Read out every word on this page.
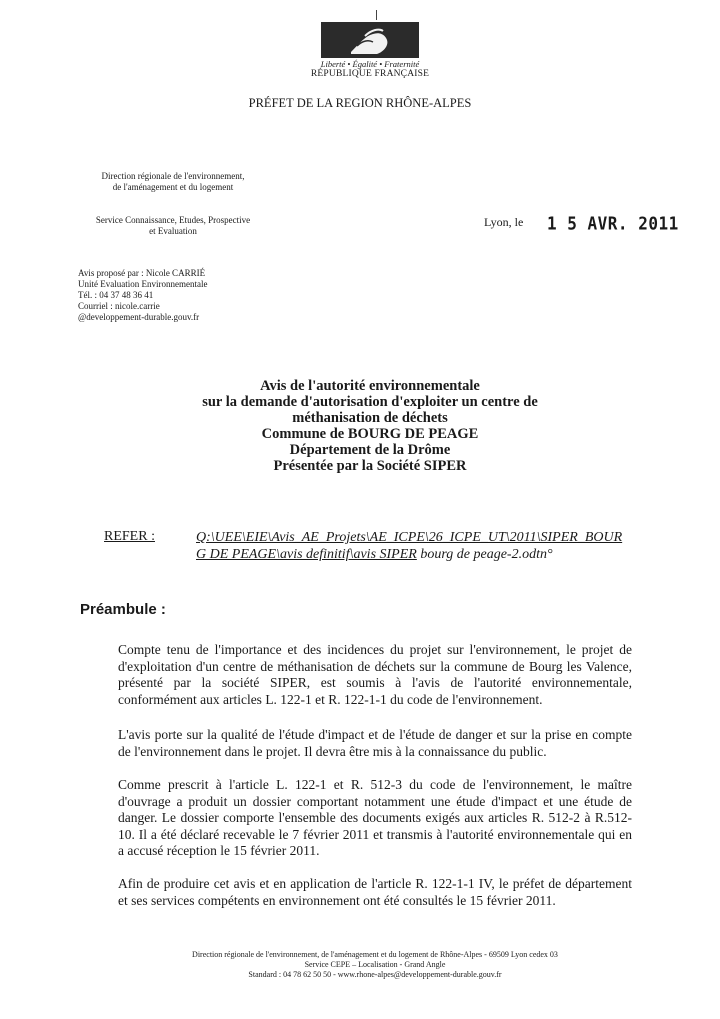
Liberté • Égalité • Fraternité
RÉPUBLIQUE FRANÇAISE
PRÉFET DE LA REGION RHÔNE-ALPES
Direction régionale de l'environnement,
de l'aménagement et du logement
Service Connaissance, Etudes, Prospective
et Evaluation
Lyon, le 1 5 AVR. 2011
Avis proposé par : Nicole CARRIÉ
Unité Evaluation Environnementale
Tél. : 04 37 48 36 41
Courriel : nicole.carrie
@developpement-durable.gouv.fr
Avis de l'autorité environnementale
sur la demande d'autorisation d'exploiter un centre de
méthanisation de déchets
Commune de BOURG DE PEAGE
Département de la Drôme
Présentée par la Société SIPER
REFER :	Q:\UEE\EIE\Avis_AE_Projets\AE_ICPE\26_ICPE_UT\2011\SIPER_BOUR G DE PEAGE\avis definitif\avis SIPER bourg de peage-2.odtn°
Préambule :
Compte tenu de l'importance et des incidences du projet sur l'environnement, le projet de d'exploitation d'un centre de méthanisation de déchets sur la commune de Bourg les Valence, présenté par la société SIPER, est soumis à l'avis de l'autorité environnementale, conformément aux articles L. 122-1 et R. 122-1-1 du code de l'environnement.
L'avis porte sur la qualité de l'étude d'impact et de l'étude de danger et sur la prise en compte de l'environnement dans le projet. Il devra être mis à la connaissance du public.
Comme prescrit à l'article L. 122-1 et R. 512-3 du code de l'environnement, le maître d'ouvrage a produit un dossier comportant notamment une étude d'impact et une étude de danger. Le dossier comporte l'ensemble des documents exigés aux articles R. 512-2 à R.512-10. Il a été déclaré recevable le 7 février 2011 et transmis à l'autorité environnementale qui en a accusé réception le 15 février 2011.
Afin de produire cet avis et en application de l'article R. 122-1-1 IV, le préfet de département et ses services compétents en environnement ont été consultés le 15 février 2011.
Direction régionale de l'environnement, de l'aménagement et du logement de Rhône-Alpes - 69509 Lyon cedex 03
Service CEPE – Localisation - Grand Angle
Standard : 04 78 62 50 50 - www.rhone-alpes@developpement-durable.gouv.fr
